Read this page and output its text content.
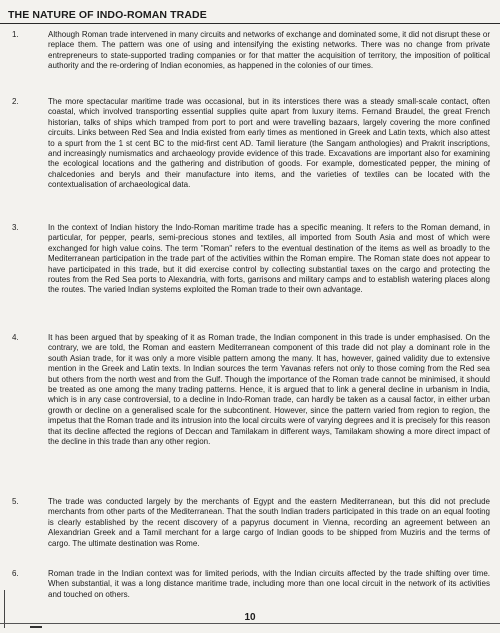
THE NATURE OF INDO-ROMAN TRADE
1.	Although Roman trade intervened in many circuits and networks of exchange and dominated some, it did not disrupt these or replace them. The pattern was one of using and intensifying the existing networks. There was no change from private entrepreneurs to state-supported trading companies or for that matter the acquisition of territory, the imposition of political authority and the re-ordering of Indian economies, as happened in the colonies of our times.
2.	The more spectacular maritime trade was occasional, but in its interstices there was a steady small-scale contact, often coastal, which involved transporting essential supplies quite apart from luxury items. Fernand Braudel, the great French historian, talks of ships which tramped from port to port and were travelling bazaars, largely covering the more confined circuits. Links between Red Sea and India existed from early times as mentioned in Greek and Latin texts, which also attest to a spurt from the 1 st cent BC to the mid-first cent AD. Tamil lierature (the Sangam anthologies) and Prakrit inscriptions, and increasingly numismatics and archaeology provide evidence of this trade. Excavations are important also for examining the ecological locations and the gathering and distribution of goods. For example, domesticated pepper, the mining of chalcedonies and beryls and their manufacture into items, and the varieties of textiles can be located with the contextualisation of archaeological data.
3.	In the context of Indian history the Indo-Roman maritime trade has a specific meaning. It refers to the Roman demand, in particular, for pepper, pearls, semi-precious stones and textiles, all imported from South Asia and most of which were exchanged for high value coins. The term "Roman" refers to the eventual destination of the items as well as broadly to the Mediterranean participation in the trade part of the activities within the Roman empire. The Roman state does not appear to have participated in this trade, but it did exercise control by collecting substantial taxes on the cargo and protecting the routes from the Red Sea ports to Alexandria, with forts, garrisons and military camps and to establish watering places along the routes. The varied Indian systems exploited the Roman trade to their own advantage.
4.	It has been argued that by speaking of it as Roman trade, the Indian component in this trade is under emphasised. On the contrary, we are told, the Roman and eastern Mediterranean component of this trade did not play a dominant role in the south Asian trade, for it was only a more visible pattern among the many. It has, however, gained validity due to extensive mention in the Greek and Latin texts. In Indian sources the term Yavanas refers not only to those coming from the Red sea but others from the north west and from the Gulf. Though the importance of the Roman trade cannot be minimised, it should be treated as one among the many trading patterns. Hence, it is argued that to link a general decline in urbanism in India, which is in any case controversial, to a decline in Indo-Roman trade, can hardly be taken as a causal factor, in either urban growth or decline on a generalised scale for the subcontinent. However, since the pattern varied from region to region, the impetus that the Roman trade and its intrusion into the local circuits were of varying degrees and it is precisely for this reason that its decline affected the regions of Deccan and Tamilakam in different ways, Tamilakam showing a more direct impact of the decline in this trade than any other region.
5.	The trade was conducted largely by the merchants of Egypt and the eastern Mediterranean, but this did not preclude merchants from other parts of the Mediterranean. That the south Indian traders participated in this trade on an equal footing is clearly established by the recent discovery of a papyrus document in Vienna, recording an agreement between an Alexandrian Greek and a Tamil merchant for a large cargo of Indian goods to be shipped from Muziris and the terms of cargo. The ultimate destination was Rome.
6.	Roman trade in the Indian context was for limited periods, with the Indian circuits affected by the trade shifting over time. When substantial, it was a long distance maritime trade, including more than one local circuit in the network of its activities and touched on others.
10
